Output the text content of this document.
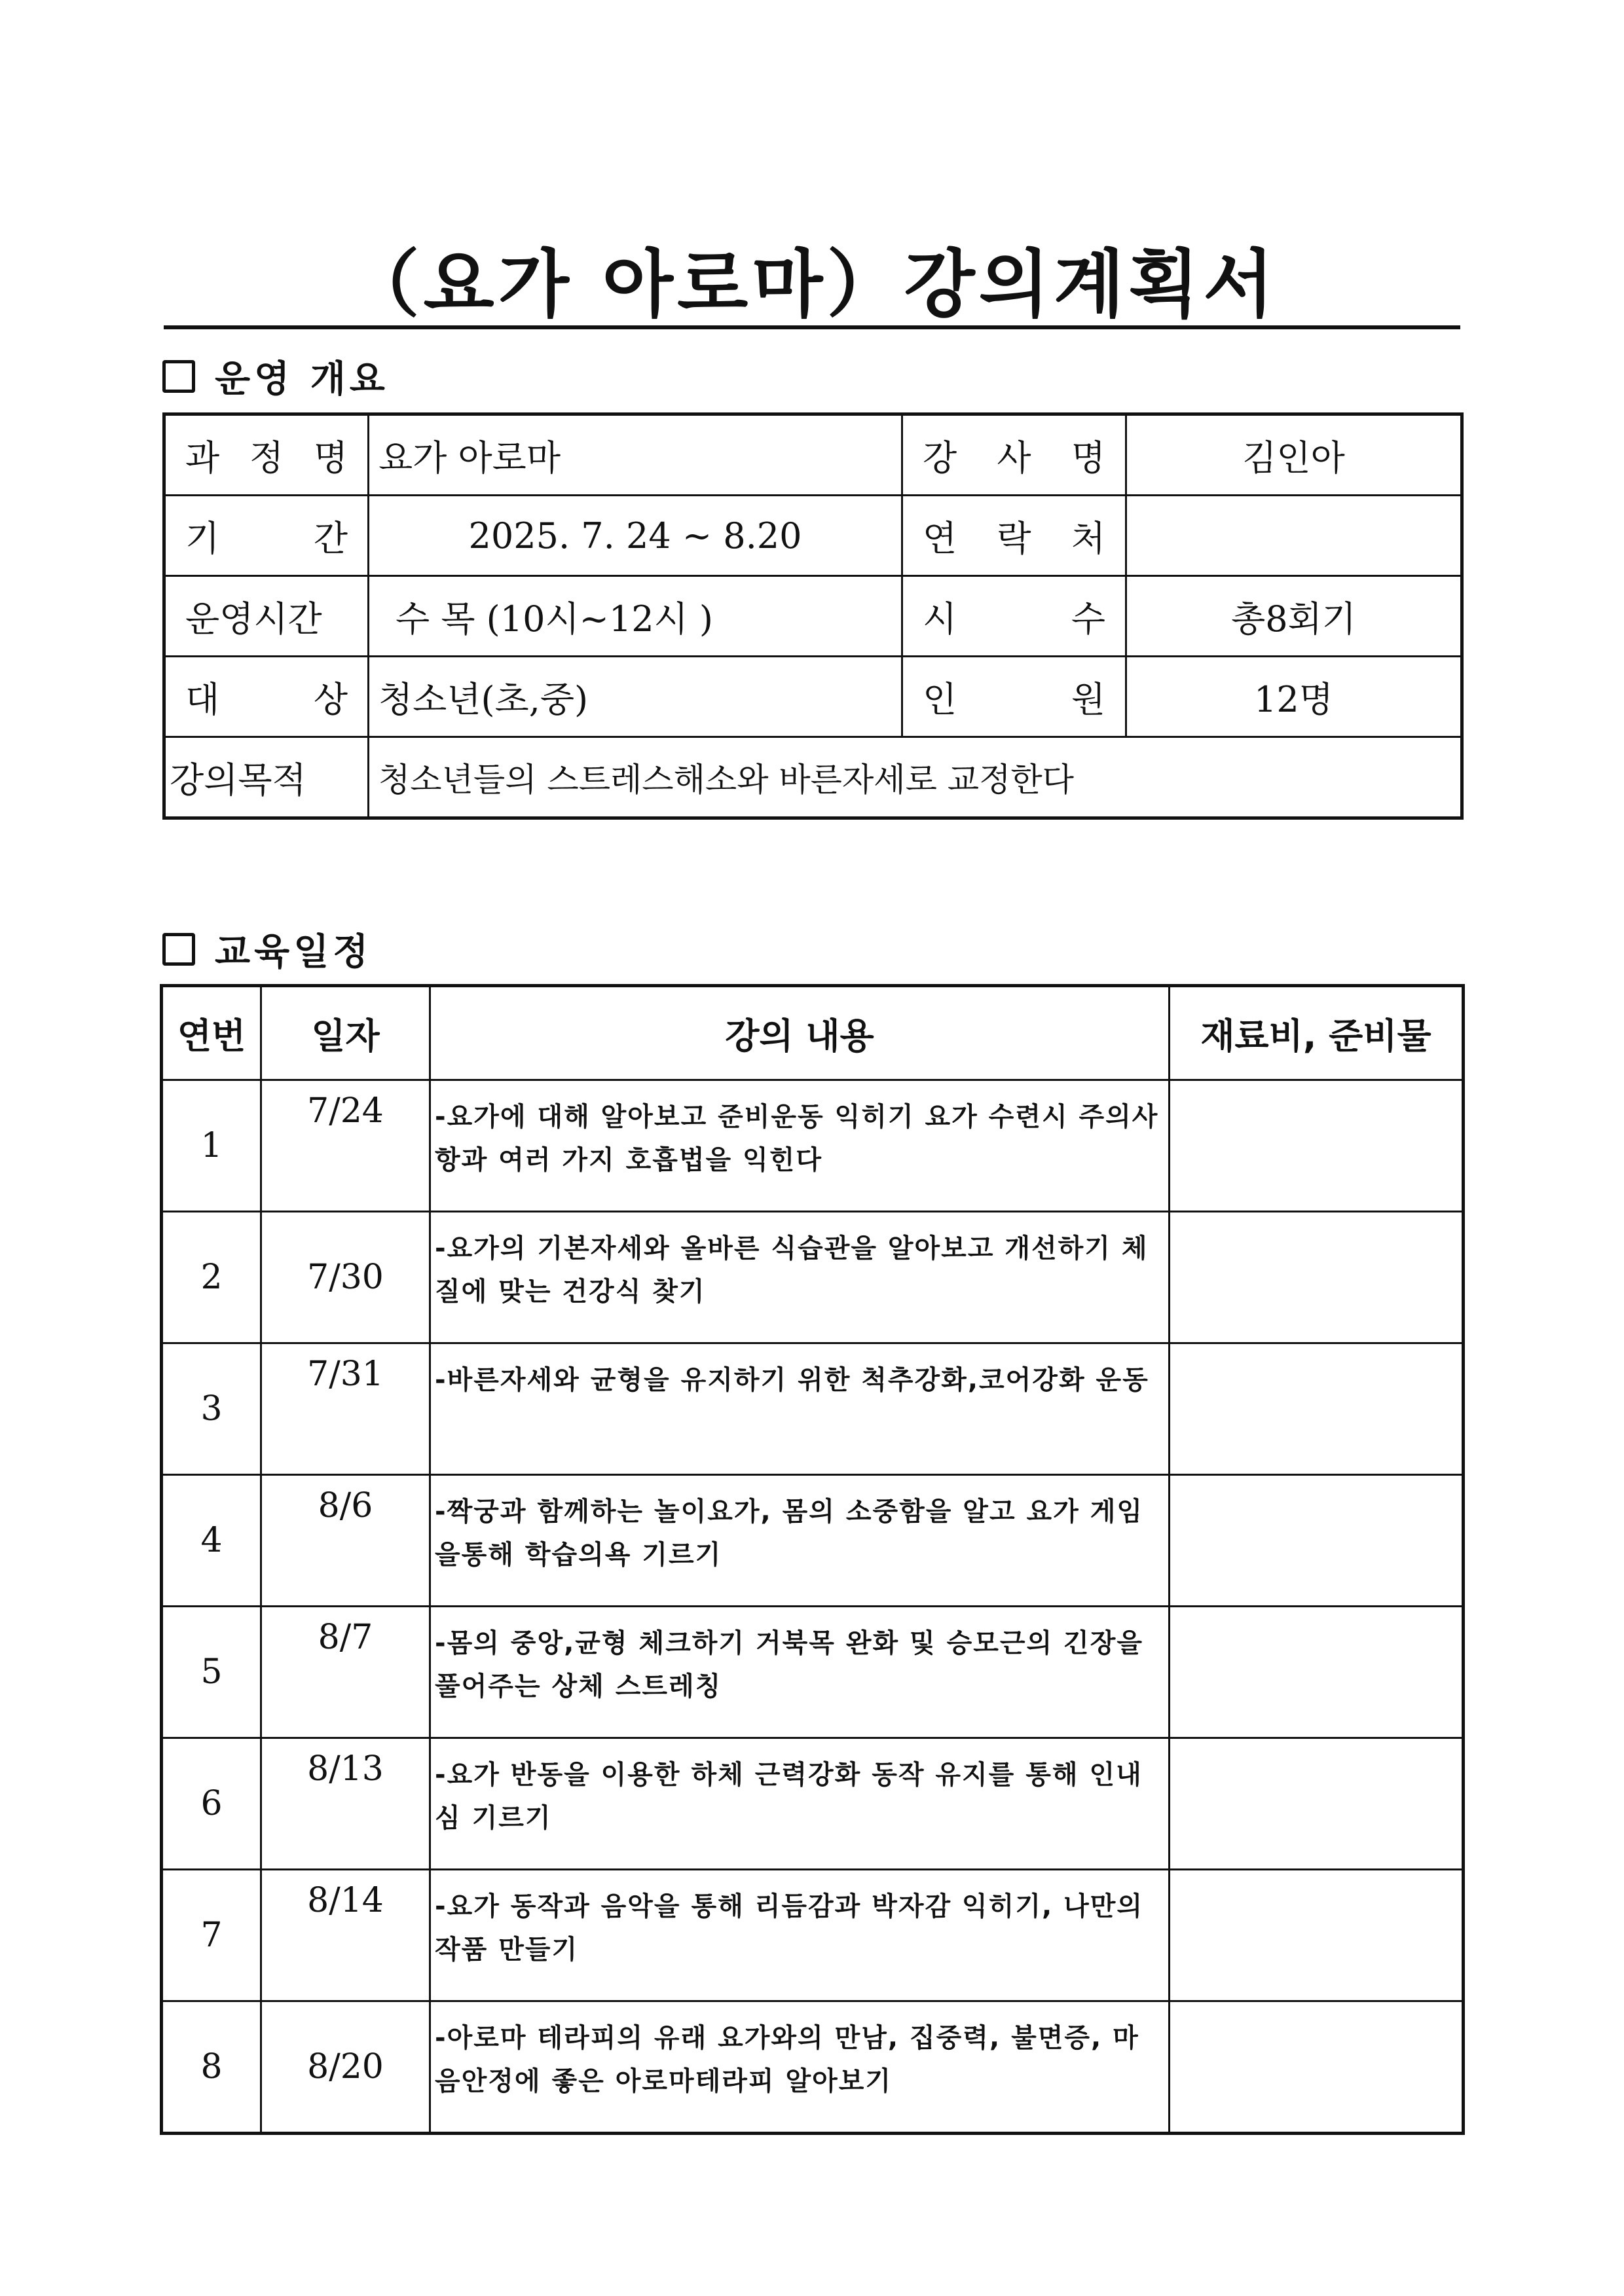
（요가 아로마）강의계획서
운영 개요
과 정 명	요가 아로마	강 사 명	김인아
기 간	2025. 7. 24 ~ 8.20	연 락 처	
운영시간	수 목 (10시~12시 )	시 수	총8회기
대 상	청소년(초,중)	인 원	12명
강의목적	청소년들의 스트레스해소와 바른자세로 교정한다		
교육일정
연번	일자	강의 내용	재료비, 준비물
1	7/24	-요가에 대해 알아보고 준비운동 익히기 요가 수련시 주의사항과 여러 가지 호흡법을 익힌다	
2	7/30	-요가의 기본자세와 올바른 식습관을 알아보고 개선하기 체질에 맞는 건강식 찾기	
3	7/31	-바른자세와 균형을 유지하기 위한 척추강화,코어강화 운동	
4	8/6	-짝궁과 함께하는 놀이요가, 몸의 소중함을 알고 요가 게임을통해 학습의욕 기르기	
5	8/7	-몸의 중앙,균형 체크하기 거북목 완화 및 승모근의 긴장을 풀어주는 상체 스트레칭	
6	8/13	-요가 반동을 이용한 하체 근력강화 동작 유지를 통해 인내심 기르기	
7	8/14	-요가 동작과 음악을 통해 리듬감과 박자감 익히기, 나만의 작품 만들기	
8	8/20	-아로마 테라피의 유래 요가와의 만남, 집중력, 불면증, 마음안정에 좋은 아로마테라피 알아보기	
